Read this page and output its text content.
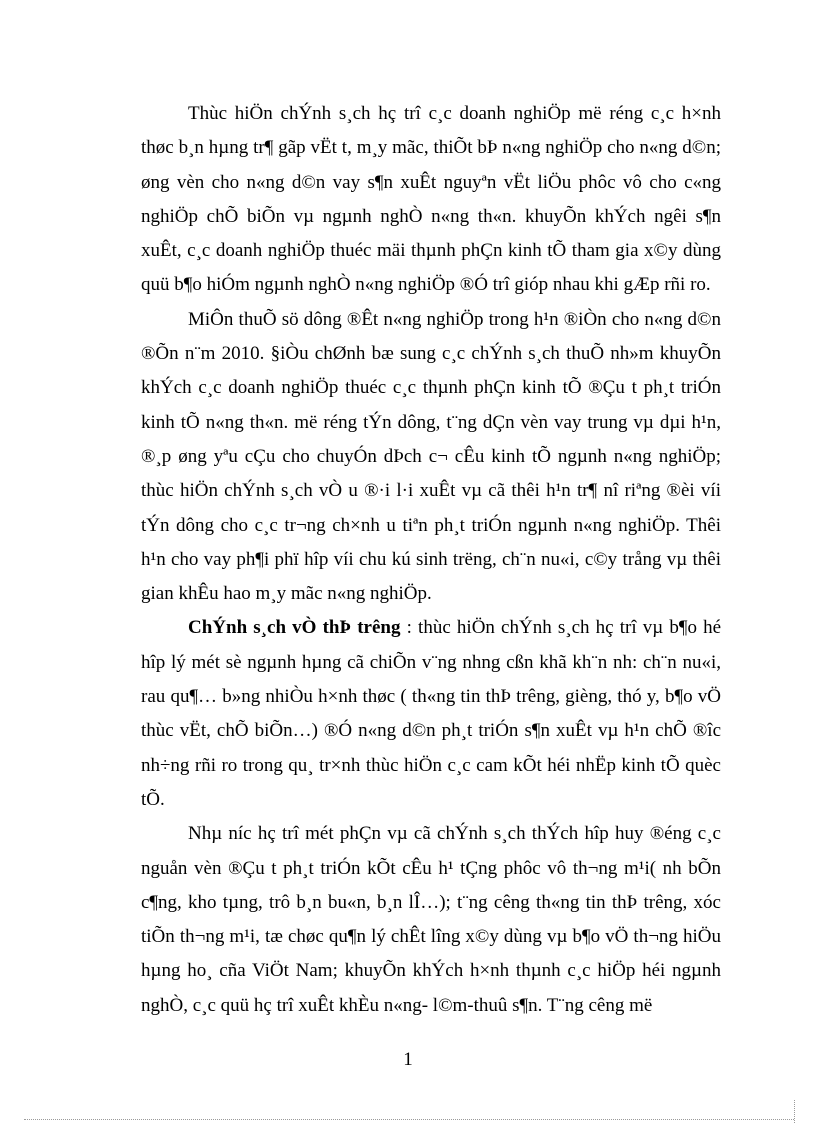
Thùc hiÖn chÝnh s¸ch hç trî c¸c doanh nghiÖp më réng c¸c h×nh thøc b¸n hµng tr¶ gãp vËt t, m¸y mãc, thiÕt bÞ n«ng nghiÖp cho n«ng d©n; øng vèn cho n«ng d©n vay s¶n xuÊt nguyªn vËt liÖu phôc vô cho c«ng nghiÖp chÕ biÕn vµ ngµnh nghÒ n«ng th«n. khuyÕn khÝch ngêi s¶n xuÊt, c¸c doanh nghiÖp thuéc mäi thµnh phÇn kinh tÕ tham gia x©y dùng quü b¶o hiÓm ngµnh nghÒ n«ng nghiÖp ®Ó trî gióp nhau khi gÆp rñi ro.

MiÔn thuÕ sö dông ®Êt n«ng nghiÖp trong h¹n ®iÒn cho n«ng d©n ®Õn n¨m 2010. §iÒu chØnh bæ sung c¸c chÝnh s¸ch thuÕ nh»m khuyÕn khÝch c¸c doanh nghiÖp thuéc c¸c thµnh phÇn kinh tÕ ®Çu t ph¸t triÓn kinh tÕ n«ng th«n. më réng tÝn dông, t¨ng dÇn vèn vay trung vµ dµi h¹n, ®¸p øng yªu cÇu cho chuyÓn dÞch c¬ cÊu kinh tÕ ngµnh n«ng nghiÖp; thùc hiÖn chÝnh s¸ch vÒ u ®·i l·i xuÊt vµ cã thêi h¹n tr¶ nî riªng ®èi víi tÝn dông cho c¸c tr¬ng ch×nh u tiªn ph¸t triÓn ngµnh n«ng nghiÖp. Thêi h¹n cho vay ph¶i phï hîp víi chu kú sinh trëng, ch¨n nu«i, c©y trång vµ thêi gian khÊu hao m¸y mãc n«ng nghiÖp.

ChÝnh s¸ch vÒ thÞ trêng : thùc hiÖn chÝnh s¸ch hç trî vµ b¶o hé hîp lý mét sè ngµnh hµng cã chiÕn v¨ng nhng cßn khã kh¨n nh: ch¨n nu«i, rau qu¶… b»ng nhiÒu h×nh thøc ( th«ng tin thÞ trêng, gièng, thó y, b¶o vÖ thùc vËt, chÕ biÕn…) ®Ó n«ng d©n ph¸t triÓn s¶n xuÊt vµ h¹n chÕ ®îc nh÷ng rñi ro trong qu¸ tr×nh thùc hiÖn c¸c cam kÕt héi nhËp kinh tÕ quèc tÕ.

Nhµ níc hç trî mét phÇn vµ cã chÝnh s¸ch thÝch hîp huy ®éng c¸c nguån vèn ®Çu t ph¸t triÓn kÕt cÊu h¹ tÇng phôc vô th¬ng m¹i( nh bÕn c¶ng, kho tµng, trô b¸n bu«n, b¸n lÎ…); t¨ng cêng th«ng tin thÞ trêng, xóc tiÕn th¬ng m¹i, tæ chøc qu¶n lý chÊt lîng x©y dùng vµ b¶o vÖ th¬ng hiÖu hµng ho¸ cña ViÖt Nam; khuyÕn khÝch h×nh thµnh c¸c hiÖp héi ngµnh nghÒ, c¸c quü hç trî xuÊt khÈu n«ng- l©m-thuû s¶n. T¨ng cêng më

1
